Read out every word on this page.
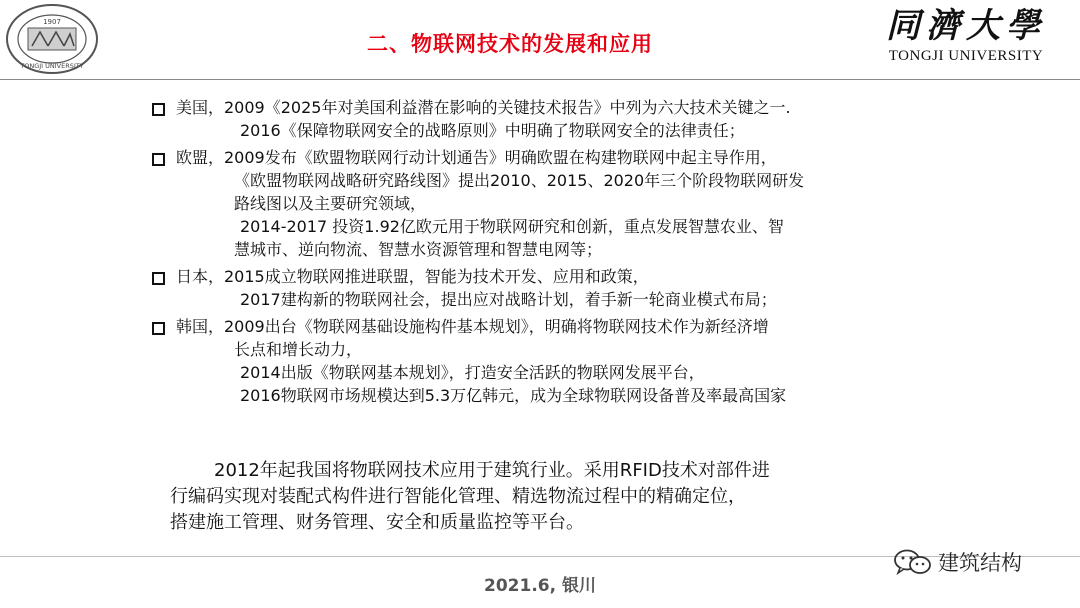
1907
TONGJI UNIVERSITY
二、物联网技术的发展和应用	同濟大學
TONGJI UNIVERSITY
美国，2009《2025年对美国利益潜在影响的关键技术报告》中列为六大技术关键之一.
2016《保障物联网安全的战略原则》中明确了物联网安全的法律责任；
欧盟，2009发布《欧盟物联网行动计划通告》明确欧盟在构建物联网中起主导作用，
《欧盟物联网战略研究路线图》提出2010、2015、2020年三个阶段物联网研发
路线图以及主要研究领域，
2014-2017 投资1.92亿欧元用于物联网研究和创新，重点发展智慧农业、智
慧城市、逆向物流、智慧水资源管理和智慧电网等；
日本，2015成立物联网推进联盟，智能为技术开发、应用和政策，
2017建构新的物联网社会，提出应对战略计划，着手新一轮商业模式布局；
韩国，2009出台《物联网基础设施构件基本规划》，明确将物联网技术作为新经济增
长点和增长动力，
2014出版《物联网基本规划》，打造安全活跃的物联网发展平台，
2016物联网市场规模达到5.3万亿韩元，成为全球物联网设备普及率最高国家
2012年起我国将物联网技术应用于建筑行业。采用RFID技术对部件进
行编码实现对装配式构件进行智能化管理、精选物流过程中的精确定位，
搭建施工管理、财务管理、安全和质量监控等平台。
2021.6, 银川
建筑结构
